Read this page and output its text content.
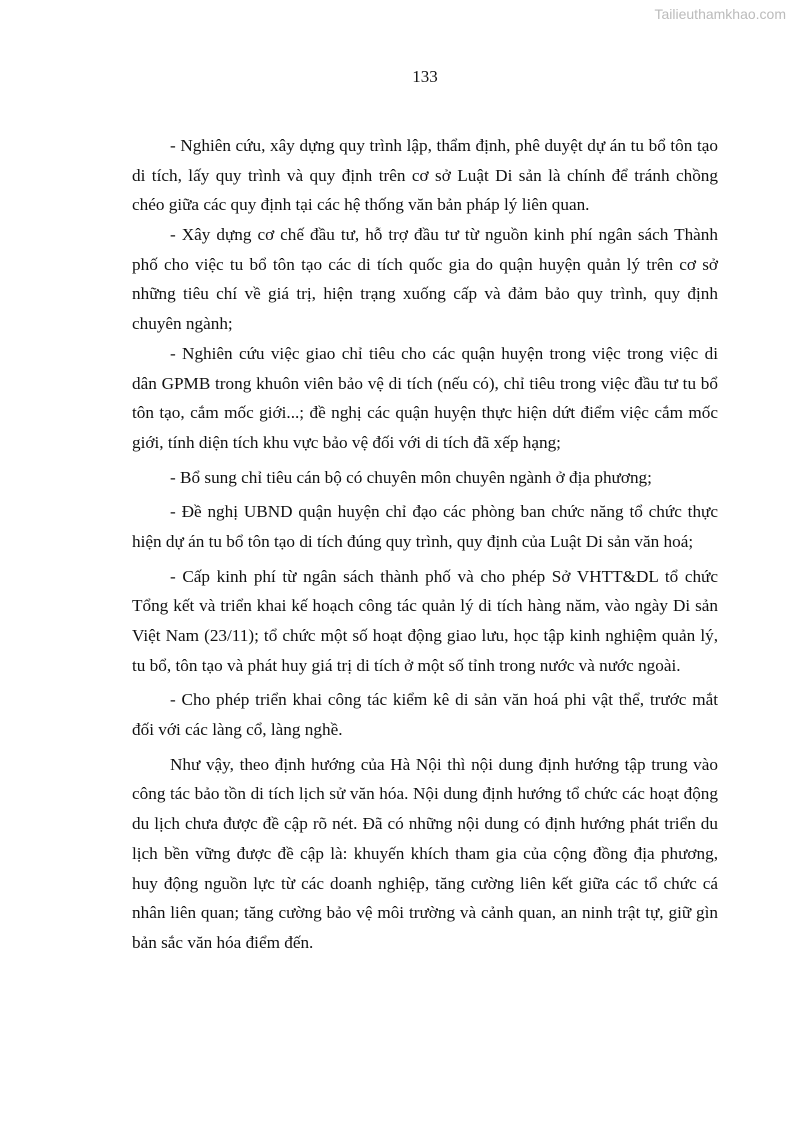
Tailieuthamkhao.com
133
- Nghiên cứu, xây dựng quy trình lập, thẩm định, phê duyệt dự án tu bổ tôn tạo
di tích, lấy quy trình và quy định trên cơ sở Luật Di sản là chính để tránh chồng
chéo giữa các quy định tại các hệ thống văn bản pháp lý liên quan.
- Xây dựng cơ chế đầu tư, hỗ trợ đầu tư từ nguồn kinh phí ngân sách Thành
phố cho việc tu bổ tôn tạo các di tích quốc gia do quận huyện quản lý trên cơ sở
những tiêu chí về giá trị, hiện trạng xuống cấp và đảm bảo quy trình, quy định
chuyên ngành;
- Nghiên cứu việc giao chỉ tiêu cho các quận huyện trong việc trong việc di
dân GPMB trong khuôn viên bảo vệ di tích (nếu có), chỉ tiêu trong việc đầu tư tu bổ
tôn tạo, cắm mốc giới...; đề nghị các quận huyện thực hiện dứt điểm việc cắm mốc
giới, tính diện tích khu vực bảo vệ đối với di tích đã xếp hạng;
- Bổ sung chỉ tiêu cán bộ có chuyên môn chuyên ngành ở địa phương;
- Đề nghị UBND quận huyện chỉ đạo các phòng ban chức năng tổ chức thực
hiện dự án tu bổ tôn tạo di tích đúng quy trình, quy định của Luật Di sản văn hoá;
- Cấp kinh phí từ ngân sách thành phố và cho phép Sở VHTT&DL tổ chức
Tổng kết và triển khai kế hoạch công tác quản lý di tích hàng năm, vào ngày Di sản
Việt Nam (23/11); tổ chức một số hoạt động giao lưu, học tập kinh nghiệm quản lý,
tu bổ, tôn tạo và phát huy giá trị di tích ở một số tỉnh trong nước và nước ngoài.
- Cho phép triển khai công tác kiểm kê di sản văn hoá phi vật thể, trước mắt
đối với các làng cổ, làng nghề.
Như vậy, theo định hướng của Hà Nội thì nội dung định hướng tập trung vào
công tác bảo tồn di tích lịch sử văn hóa. Nội dung định hướng tổ chức các hoạt động
du lịch chưa được đề cập rõ nét. Đã có những nội dung có định hướng phát triển du
lịch bền vững được đề cập là: khuyến khích tham gia của cộng đồng địa phương,
huy động nguồn lực từ các doanh nghiệp, tăng cường liên kết giữa các tổ chức cá
nhân liên quan; tăng cường bảo vệ môi trường và cảnh quan, an ninh trật tự, giữ gìn
bản sắc văn hóa điểm đến.
